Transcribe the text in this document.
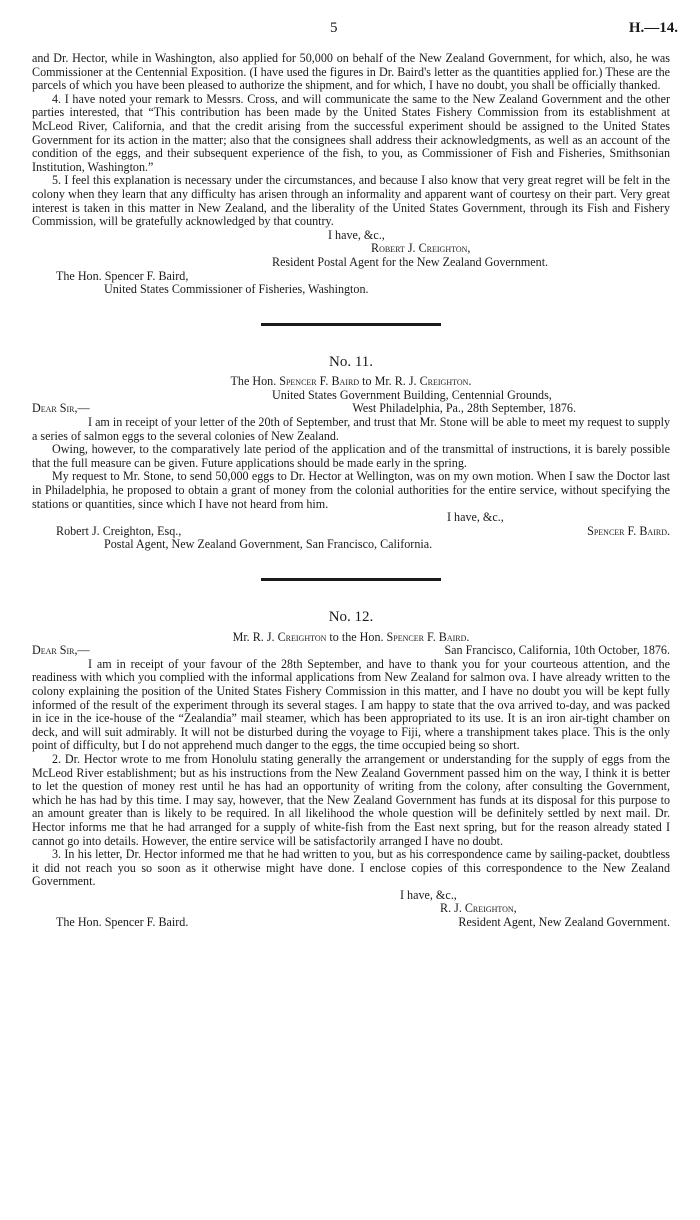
5	H.—14.

and Dr. Hector, while in Washington, also applied for 50,000 on behalf of the New Zealand Government, for which, also, he was Commissioner at the Centennial Exposition. (I have used the figures in Dr. Baird's letter as the quantities applied for.) These are the parcels of which you have been pleased to authorize the shipment, and for which, I have no doubt, you shall be officially thanked.

4. I have noted your remark to Messrs. Cross, and will communicate the same to the New Zealand Government and the other parties interested, that “This contribution has been made by the United States Fishery Commission from its establishment at McLeod River, California, and that the credit arising from the successful experiment should be assigned to the United States Government for its action in the matter; also that the consignees shall address their acknowledgments, as well as an account of the condition of the eggs, and their subsequent experience of the fish, to you, as Commissioner of Fish and Fisheries, Smithsonian Institution, Washington.”

5. I feel this explanation is necessary under the circumstances, and because I also know that very great regret will be felt in the colony when they learn that any difficulty has arisen through an informality and apparent want of courtesy on their part. Very great interest is taken in this matter in New Zealand, and the liberality of the United States Government, through its Fish and Fishery Commission, will be gratefully acknowledged by that country.

I have, &c.,

Robert J. Creighton,

Resident Postal Agent for the New Zealand Government.

The Hon. Spencer F. Baird,

United States Commissioner of Fisheries, Washington.

No. 11.

The Hon. Spencer F. Baird to Mr. R. J. Creighton.

United States Government Building, Centennial Grounds,

Dear Sir,—	West Philadelphia, Pa., 28th September, 1876.

I am in receipt of your letter of the 20th of September, and trust that Mr. Stone will be able to meet my request to supply a series of salmon eggs to the several colonies of New Zealand.

Owing, however, to the comparatively late period of the application and of the transmittal of instructions, it is barely possible that the full measure can be given. Future applications should be made early in the spring.

My request to Mr. Stone, to send 50,000 eggs to Dr. Hector at Wellington, was on my own motion. When I saw the Doctor last in Philadelphia, he proposed to obtain a grant of money from the colonial authorities for the entire service, without specifying the stations or quantities, since which I have not heard from him.

I have, &c.,

Robert J. Creighton, Esq.,	Spencer F. Baird.

Postal Agent, New Zealand Government, San Francisco, California.

No. 12.

Mr. R. J. Creighton to the Hon. Spencer F. Baird.

Dear Sir,—	San Francisco, California, 10th October, 1876.

I am in receipt of your favour of the 28th September, and have to thank you for your courteous attention, and the readiness with which you complied with the informal applications from New Zealand for salmon ova. I have already written to the colony explaining the position of the United States Fishery Commission in this matter, and I have no doubt you will be kept fully informed of the result of the experiment through its several stages. I am happy to state that the ova arrived to-day, and was packed in ice in the ice-house of the “Zealandia” mail steamer, which has been appropriated to its use. It is an iron air-tight chamber on deck, and will suit admirably. It will not be disturbed during the voyage to Fiji, where a transhipment takes place. This is the only point of difficulty, but I do not apprehend much danger to the eggs, the time occupied being so short.

2. Dr. Hector wrote to me from Honolulu stating generally the arrangement or understanding for the supply of eggs from the McLeod River establishment; but as his instructions from the New Zealand Government passed him on the way, I think it is better to let the question of money rest until he has had an opportunity of writing from the colony, after consulting the Government, which he has had by this time. I may say, however, that the New Zealand Government has funds at its disposal for this purpose to an amount greater than is likely to be required. In all likelihood the whole question will be definitely settled by next mail. Dr. Hector informs me that he had arranged for a supply of white-fish from the East next spring, but for the reason already stated I cannot go into details. However, the entire service will be satisfactorily arranged I have no doubt.

3. In his letter, Dr. Hector informed me that he had written to you, but as his correspondence came by sailing-packet, doubtless it did not reach you so soon as it otherwise might have done. I enclose copies of this correspondence to the New Zealand Government.

I have, &c.,

R. J. Creighton,

The Hon. Spencer F. Baird.	Resident Agent, New Zealand Government.
